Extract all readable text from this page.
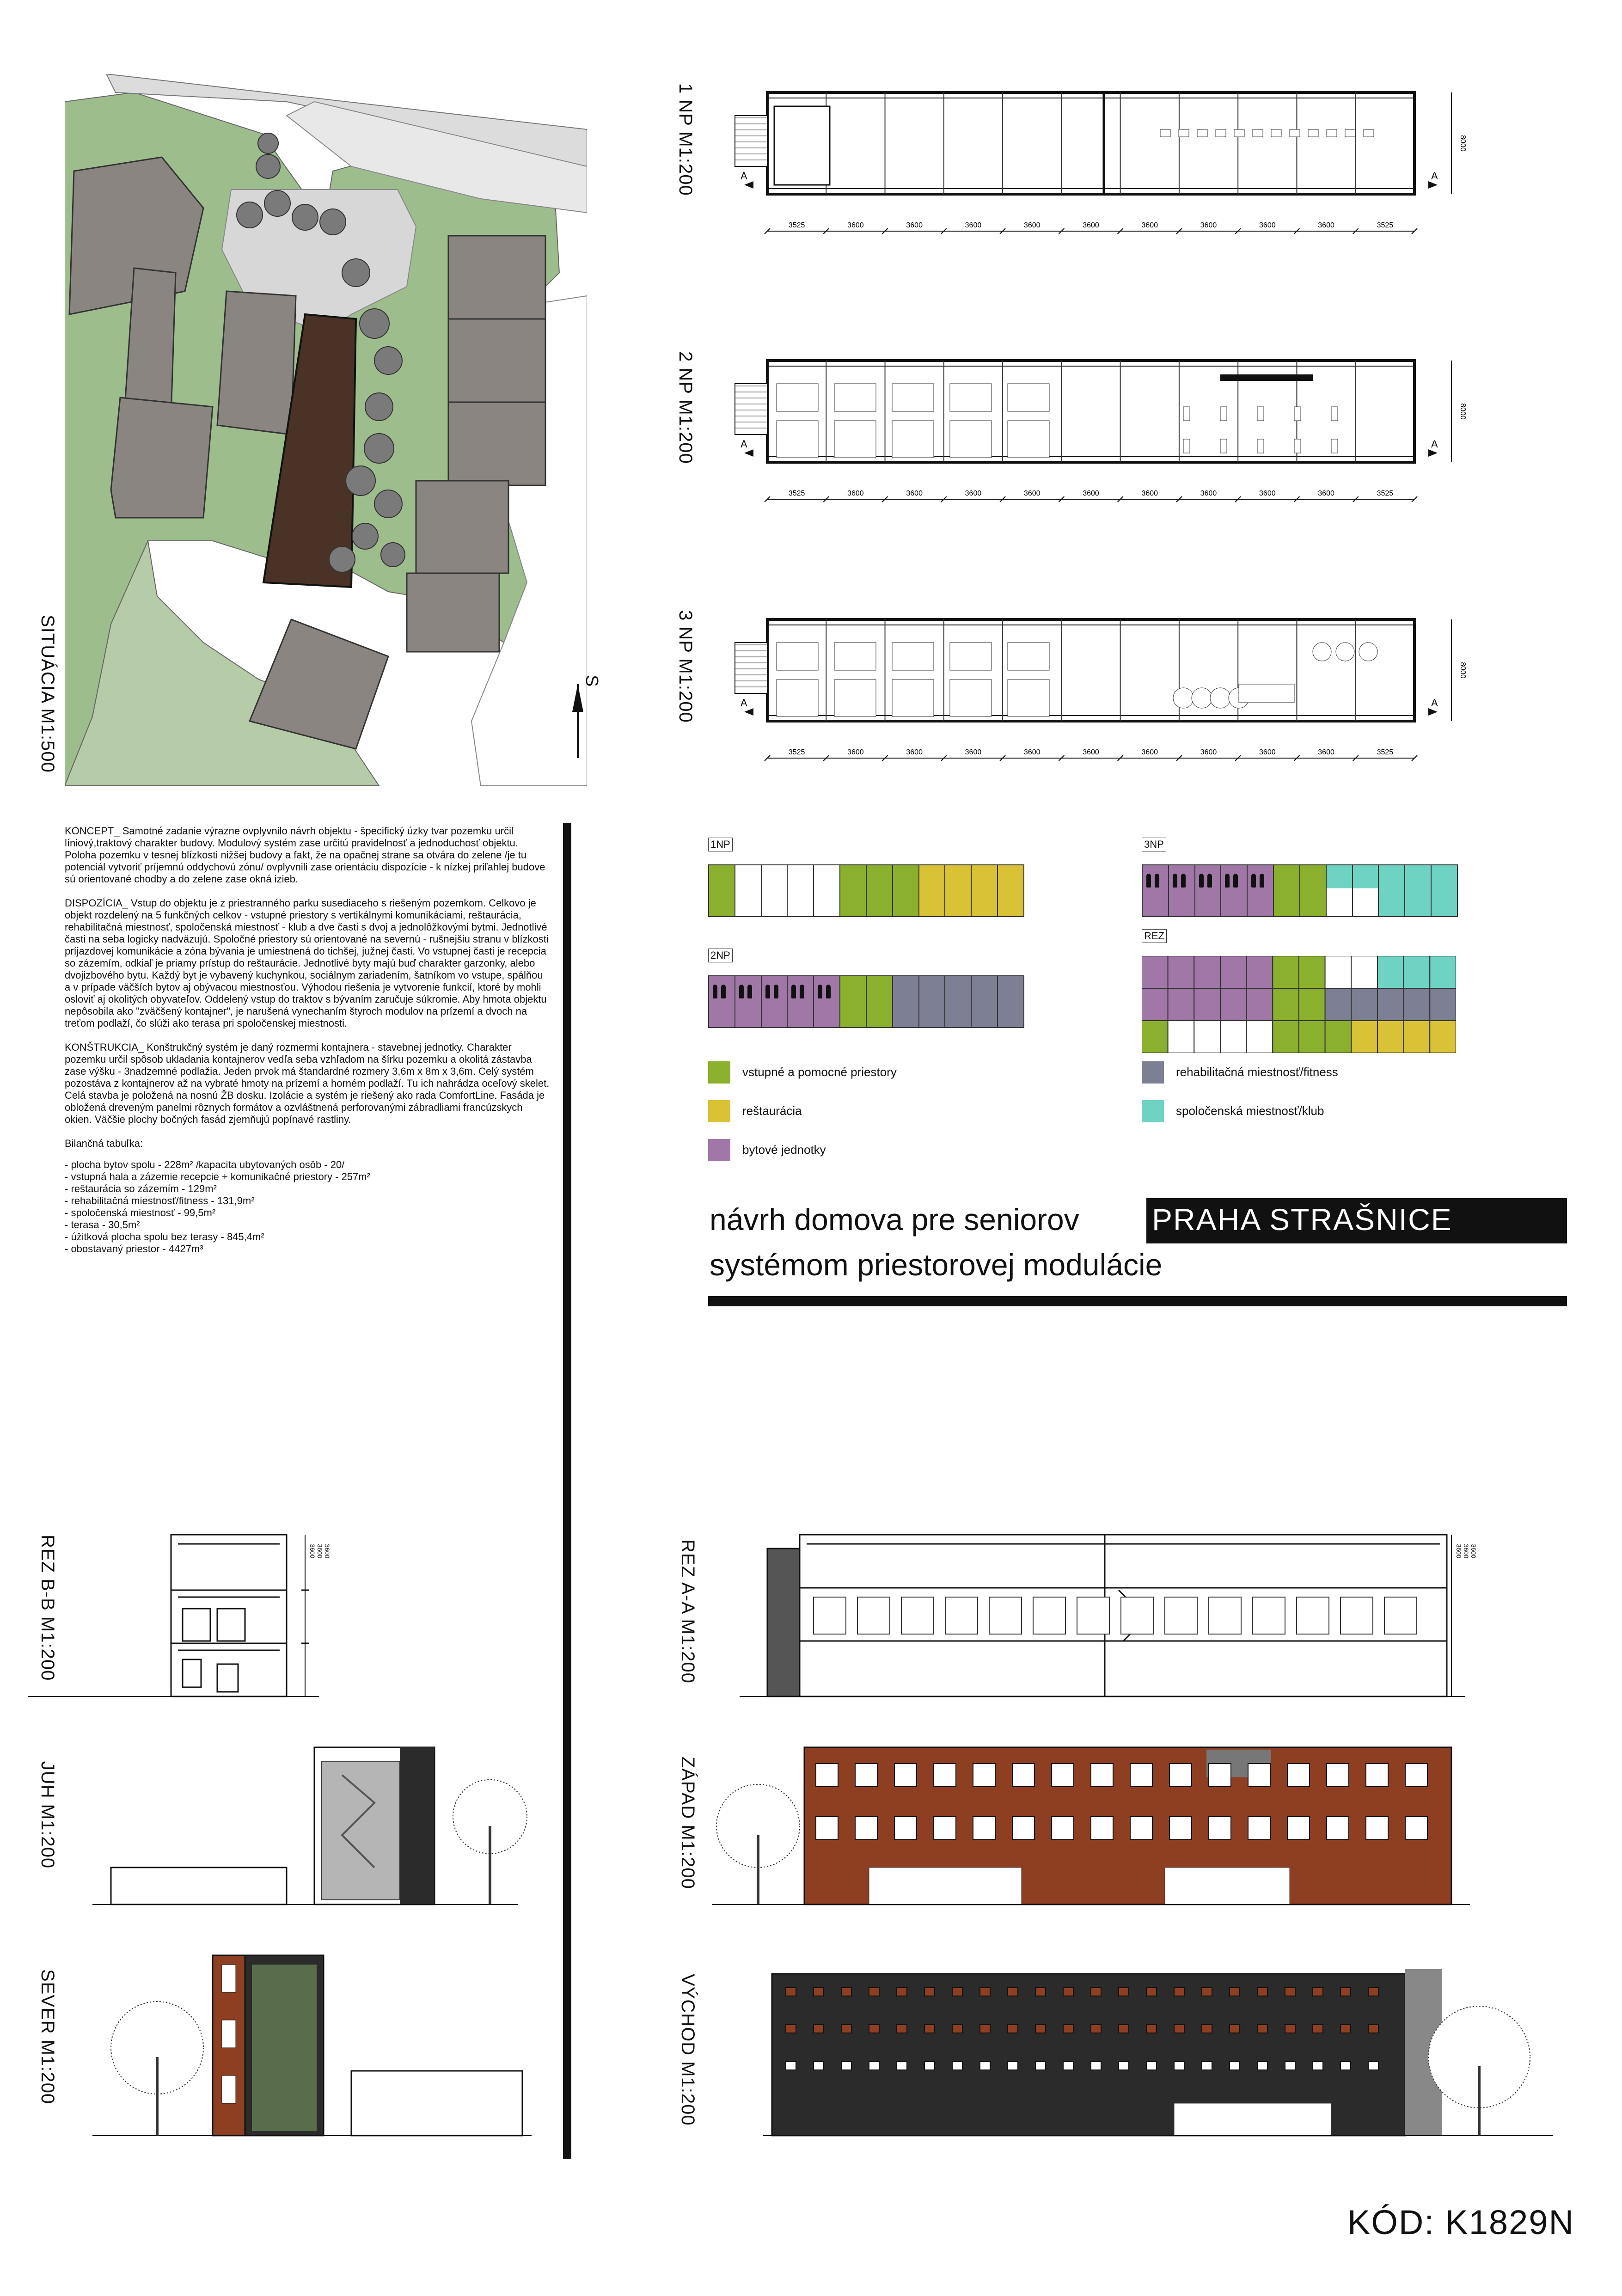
S
SITUÁCIA M1:500
3525	3600	3600	3600	3600	3600	3600	3600	3600	3600	3525
8000
A	A
3525	3600	3600	3600	3600	3600	3600	3600	3600	3600	3525
8000
A	A
3525	3600	3600	3600	3600	3600	3600	3600	3600	3600	3525
8000
A	A
1 NP M1:200
2 NP M1:200
3 NP M1:200

KONCEPT_ Samotné zadanie výrazne ovplyvnilo návrh objektu - špecifický úzky tvar pozemku určil líniový,traktový charakter budovy. Modulový systém zase určitú pravidelnosť a jednoduchosť objektu. Poloha pozemku v tesnej blízkosti nižšej budovy a fakt, že na opačnej strane sa otvára do zelene /je tu potenciál vytvoriť príjemnú oddychovú zónu/ ovplyvnili zase orientáciu dispozície - k nízkej priľahlej budove sú orientované chodby a do zelene zase okná izieb.

DISPOZÍCIA_ Vstup do objektu je z priestranného parku susediaceho s riešeným pozemkom. Celkovo je objekt rozdelený na 5 funkčných celkov - vstupné priestory s vertikálnymi komunikáciami, reštaurácia, rehabilitačná miestnosť, spoločenská miestnosť - klub a dve časti s dvoj a jednolôžkovými bytmi. Jednotlivé časti na seba logicky nadväzujú. Spoločné priestory sú orientované na severnú - rušnejšiu stranu v blízkosti príjazdovej komunikácie a zóna bývania je umiestnená do tichšej, južnej časti. Vo vstupnej časti je recepcia so zázemím, odkiaľ je priamy prístup do reštaurácie. Jednotlivé byty majú buď charakter garzonky, alebo dvojizbového bytu. Každý byt je vybavený kuchynkou, sociálnym zariadením, šatníkom vo vstupe, spálňou a v prípade väčších bytov aj obývacou miestnosťou. Výhodou riešenia je vytvorenie funkcií, ktoré by mohli osloviť aj okolitých obyvateľov. Oddelený vstup do traktov s bývaním zaručuje súkromie. Aby hmota objektu nepôsobila ako "zväčšený kontajner", je narušená vynechaním štyroch modulov na prízemí a dvoch na treťom podlaží, čo slúži ako terasa pri spoločenskej miestnosti.

KONŠTRUKCIA_ Konštrukčný systém je daný rozmermi kontajnera - stavebnej jednotky. Charakter pozemku určil spôsob ukladania kontajnerov vedľa seba vzhľadom na šírku pozemku a okolitá zástavba zase výšku - 3nadzemné podlažia. Jeden prvok má štandardné rozmery 3,6m x 8m x 3,6m. Celý systém pozostáva z kontajnerov až na vybraté hmoty na prízemí a horném podlaží. Tu ich nahrádza oceľový skelet. Celá stavba je položená na nosnú ŽB dosku. Izolácie a systém je riešený ako rada ComfortLine. Fasáda je obložená dreveným panelmi rôznych formátov a ozvláštnená perforovanými zábradliami francúzskych okien. Väčšie plochy bočných fasád zjemňujú popínavé rastliny.

Bilančná tabuľka:

- plocha bytov spolu - 228m² /kapacita ubytovaných osôb - 20/
- vstupná hala a zázemie recepcie + komunikačné priestory - 257m²
- reštaurácia so zázemím - 129m²
- rehabilitačná miestnosť/fitness - 131,9m²
- spoločenská miestnosť - 99,5m²
- terasa - 30,5m²
- úžitková plocha spolu bez terasy - 845,4m²
- obostavaný priestor - 4427m³
1NP
2NP
3NP
REZ
vstupné a pomocné priestory
reštaurácia
bytové jednotky
rehabilitačná miestnosť/fitness
spoločenská miestnosť/klub
návrh domova pre seniorov PRAHA STRAŠNICE
systémom priestorovej modulácie
REZ B-B M1:200
JUH M1:200
SEVER M1:200
REZ A-A M1:200
ZÁPAD M1:200
VÝCHOD M1:200
3600
3600
3600
3600
3600
3600
KÓD: K1829N
